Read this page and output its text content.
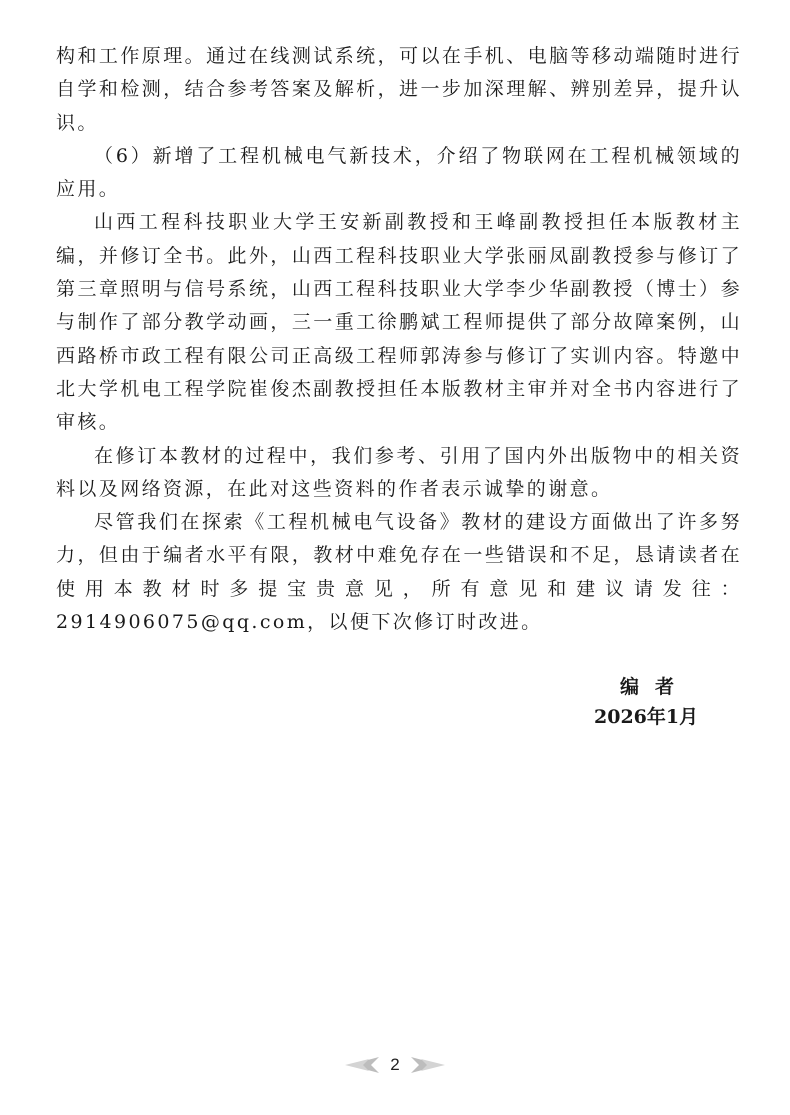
构和工作原理。通过在线测试系统，可以在手机、电脑等移动端随时进行自学和检测，结合参考答案及解析，进一步加深理解、辨别差异，提升认识。

（6）新增了工程机械电气新技术，介绍了物联网在工程机械领域的应用。

山西工程科技职业大学王安新副教授和王峰副教授担任本版教材主编，并修订全书。此外，山西工程科技职业大学张丽凤副教授参与修订了第三章照明与信号系统，山西工程科技职业大学李少华副教授（博士）参与制作了部分教学动画，三一重工徐鹏斌工程师提供了部分故障案例，山西路桥市政工程有限公司正高级工程师郭涛参与修订了实训内容。特邀中北大学机电工程学院崔俊杰副教授担任本版教材主审并对全书内容进行了审核。

在修订本教材的过程中，我们参考、引用了国内外出版物中的相关资料以及网络资源，在此对这些资料的作者表示诚挚的谢意。

尽管我们在探索《工程机械电气设备》教材的建设方面做出了许多努力，但由于编者水平有限，教材中难免存在一些错误和不足，恳请读者在使用本教材时多提宝贵意见，所有意见和建议请发往：2914906075@qq.com，以便下次修订时改进。

编者
2026年1月
2
